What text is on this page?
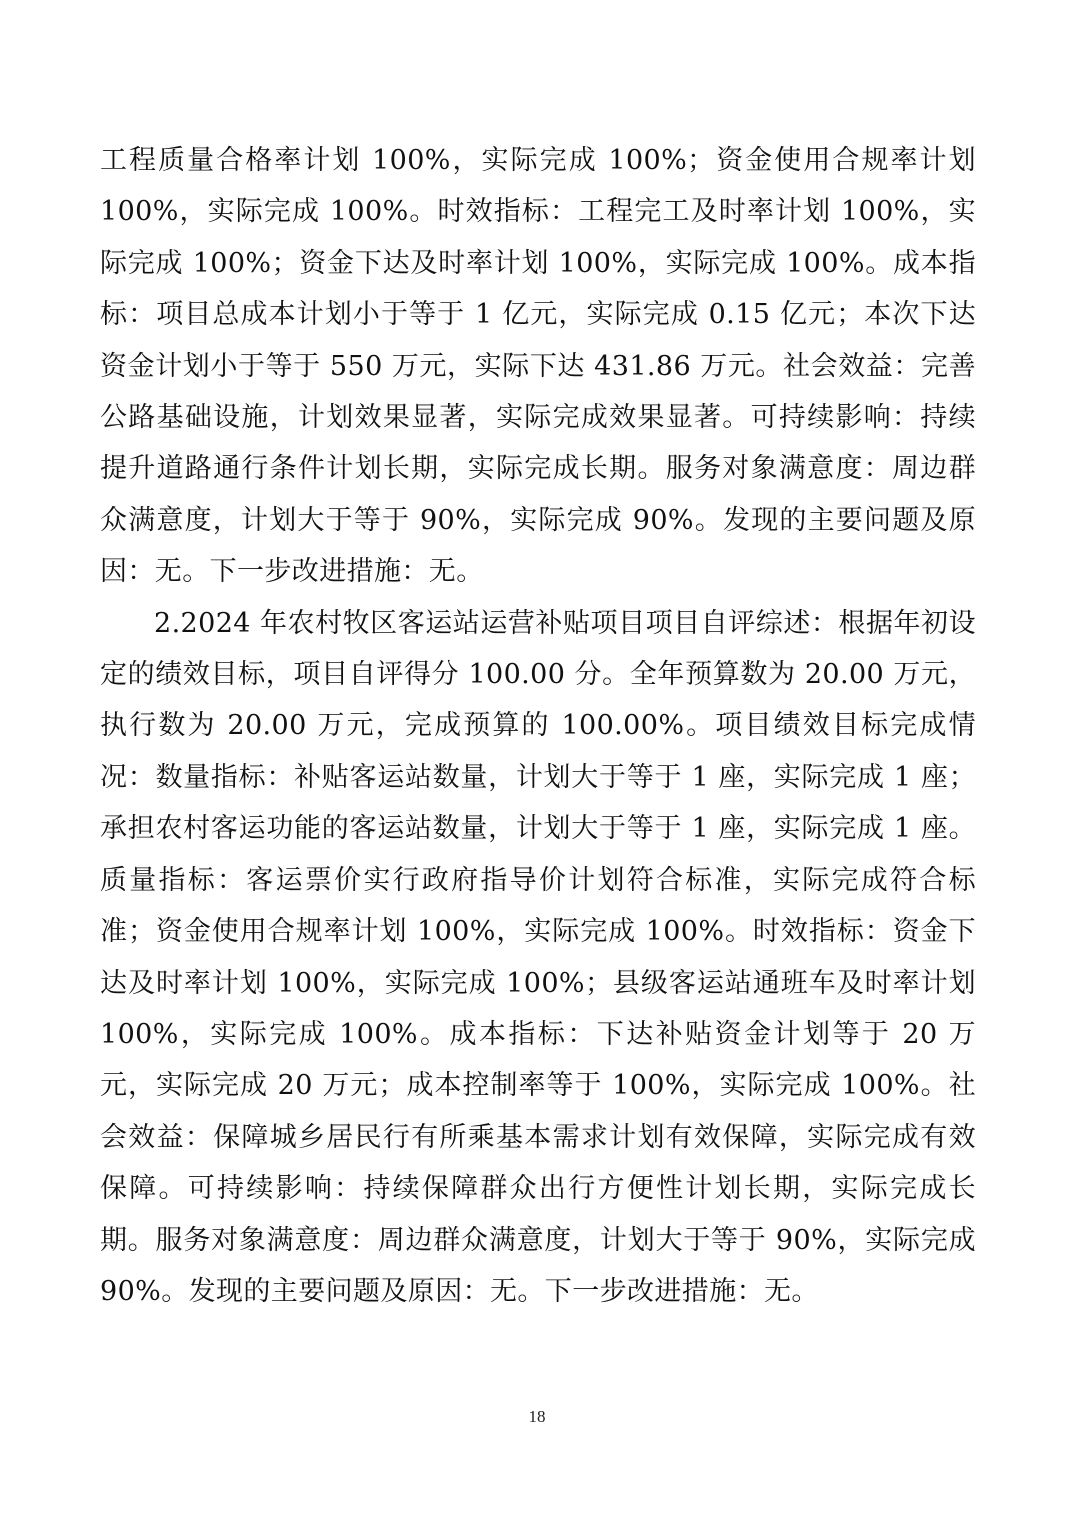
工程质量合格率计划 100%，实际完成 100%；资金使用合规率计划 100%，实际完成 100%。时效指标：工程完工及时率计划 100%，实际完成 100%；资金下达及时率计划 100%，实际完成 100%。成本指标：项目总成本计划小于等于 1 亿元，实际完成 0.15 亿元；本次下达资金计划小于等于 550 万元，实际下达 431.86 万元。社会效益：完善公路基础设施，计划效果显著，实际完成效果显著。可持续影响：持续提升道路通行条件计划长期，实际完成长期。服务对象满意度：周边群众满意度，计划大于等于 90%，实际完成 90%。发现的主要问题及原因：无。下一步改进措施：无。

2.2024 年农村牧区客运站运营补贴项目项目自评综述：根据年初设定的绩效目标，项目自评得分 100.00 分。全年预算数为 20.00 万元，执行数为 20.00 万元，完成预算的 100.00%。项目绩效目标完成情况：数量指标：补贴客运站数量，计划大于等于 1 座，实际完成 1 座；承担农村客运功能的客运站数量，计划大于等于 1 座，实际完成 1 座。质量指标：客运票价实行政府指导价计划符合标准，实际完成符合标准；资金使用合规率计划 100%，实际完成 100%。时效指标：资金下达及时率计划 100%，实际完成 100%；县级客运站通班车及时率计划 100%，实际完成 100%。成本指标：下达补贴资金计划等于 20 万元，实际完成 20 万元；成本控制率等于 100%，实际完成 100%。社会效益：保障城乡居民行有所乘基本需求计划有效保障，实际完成有效保障。可持续影响：持续保障群众出行方便性计划长期，实际完成长期。服务对象满意度：周边群众满意度，计划大于等于 90%，实际完成 90%。发现的主要问题及原因：无。下一步改进措施：无。

18
